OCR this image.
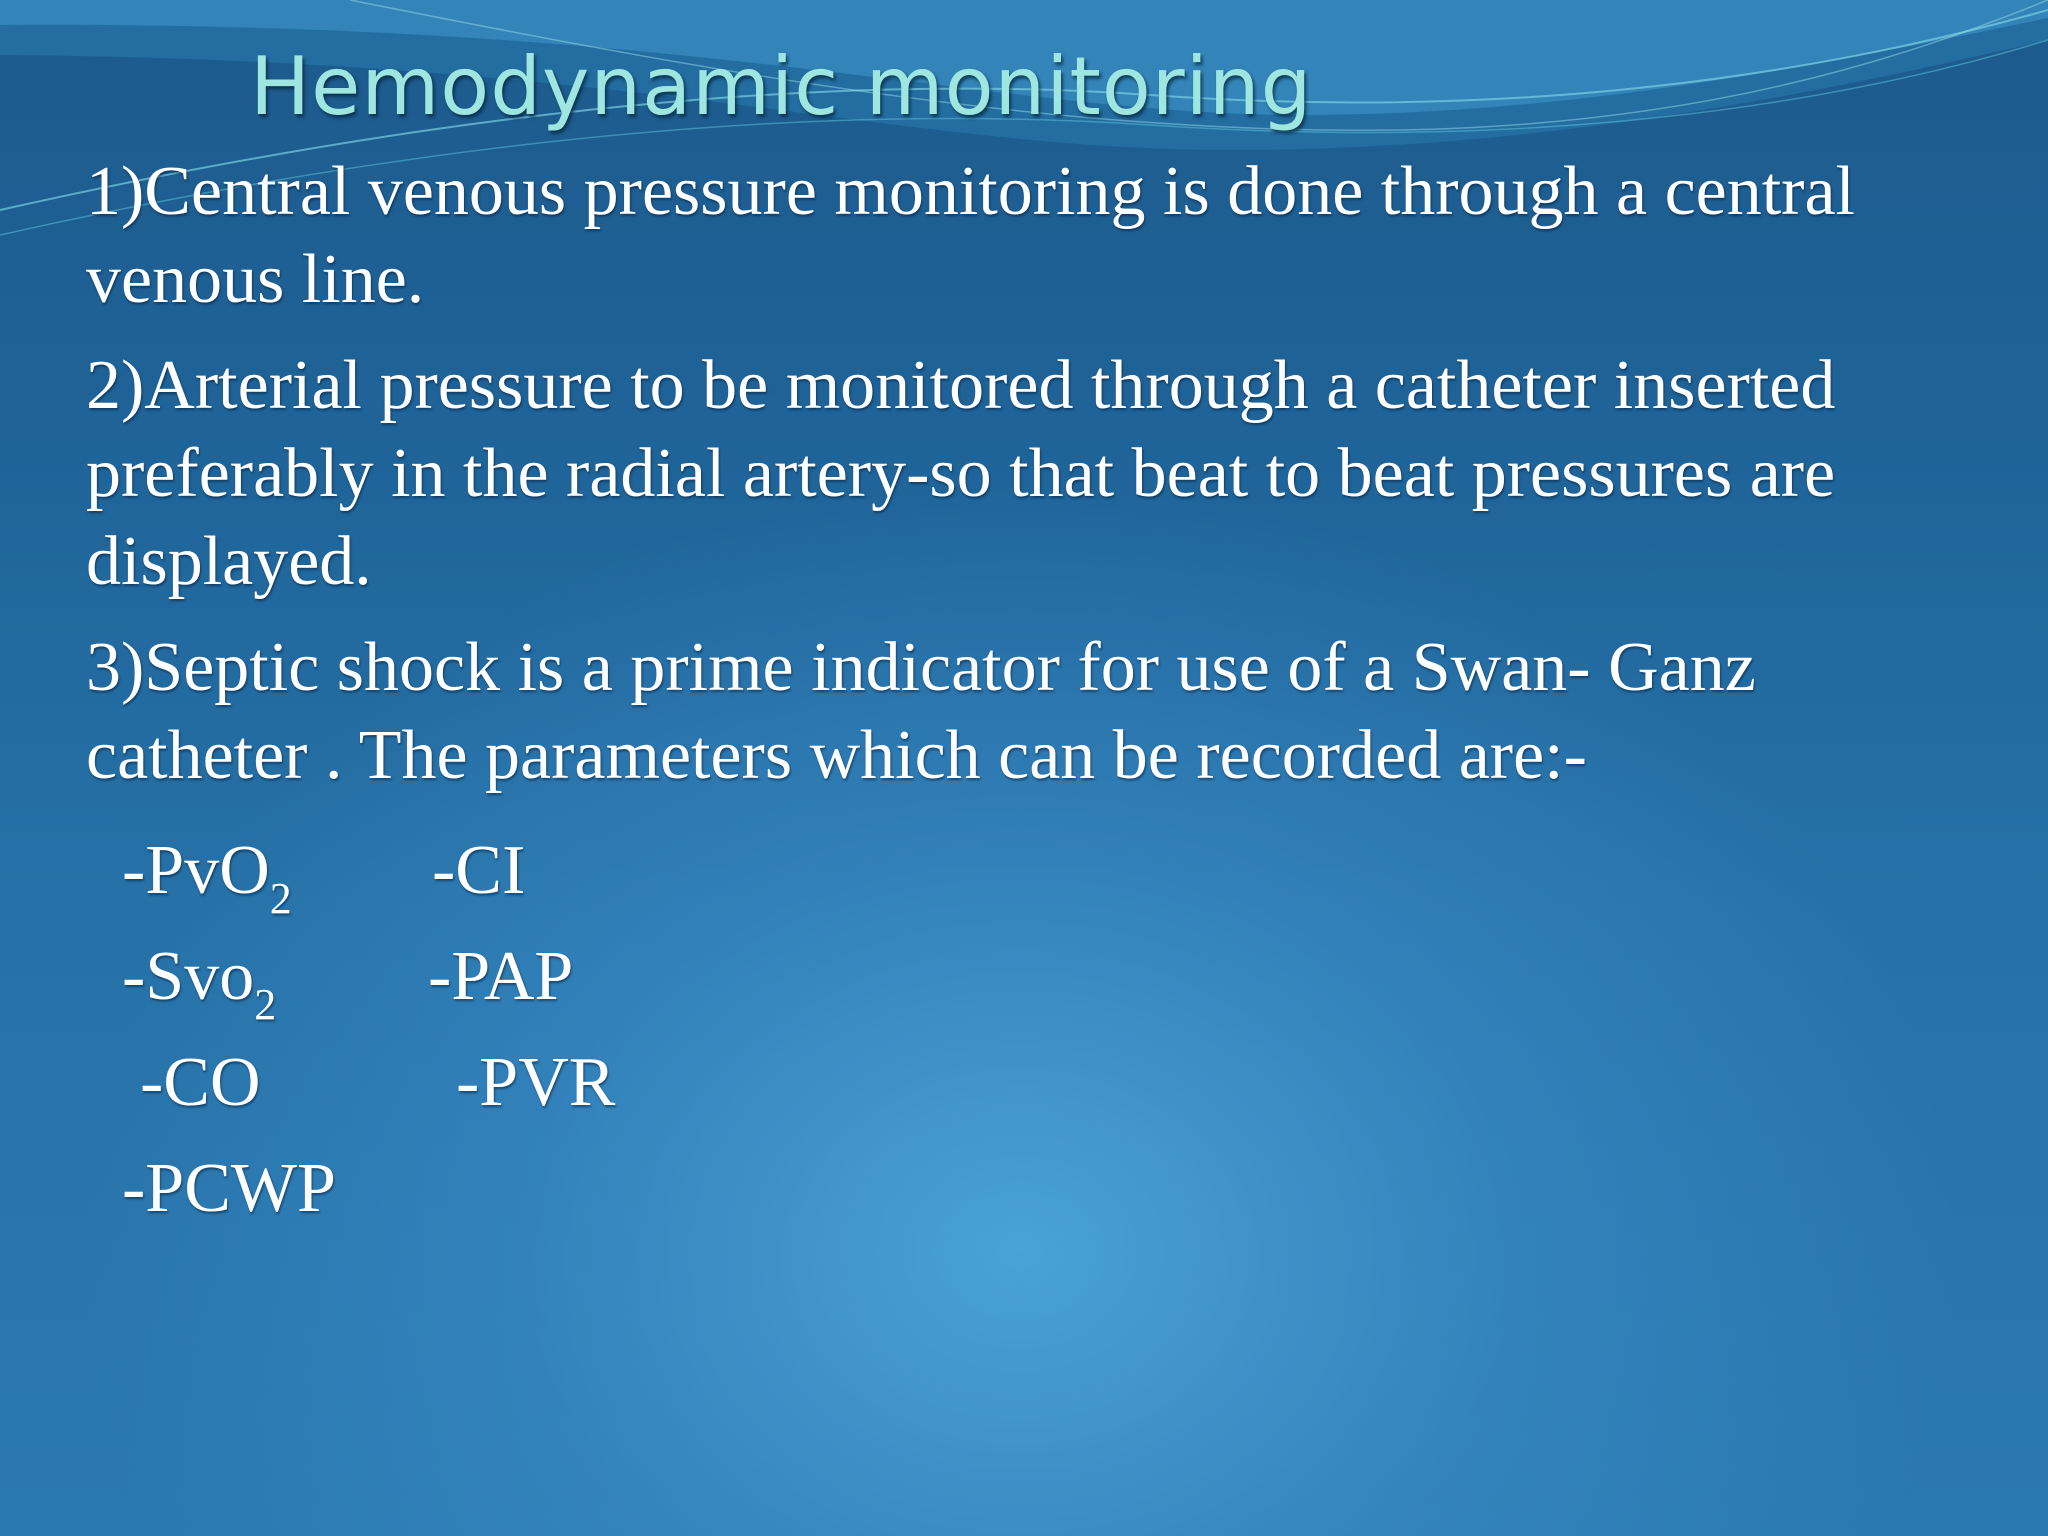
Hemodynamic monitoring

1)Central venous pressure monitoring is done through a central venous line.

2)Arterial pressure to be monitored through a catheter inserted preferably in the radial artery-so that beat to beat pressures are displayed.

3)Septic shock is a prime indicator for use of a Swan- Ganz catheter . The parameters which can be recorded are:-

-PvO$_2$ -CI
-Svo$_2$ -PAP
-CO	-PVR
-PCWP
